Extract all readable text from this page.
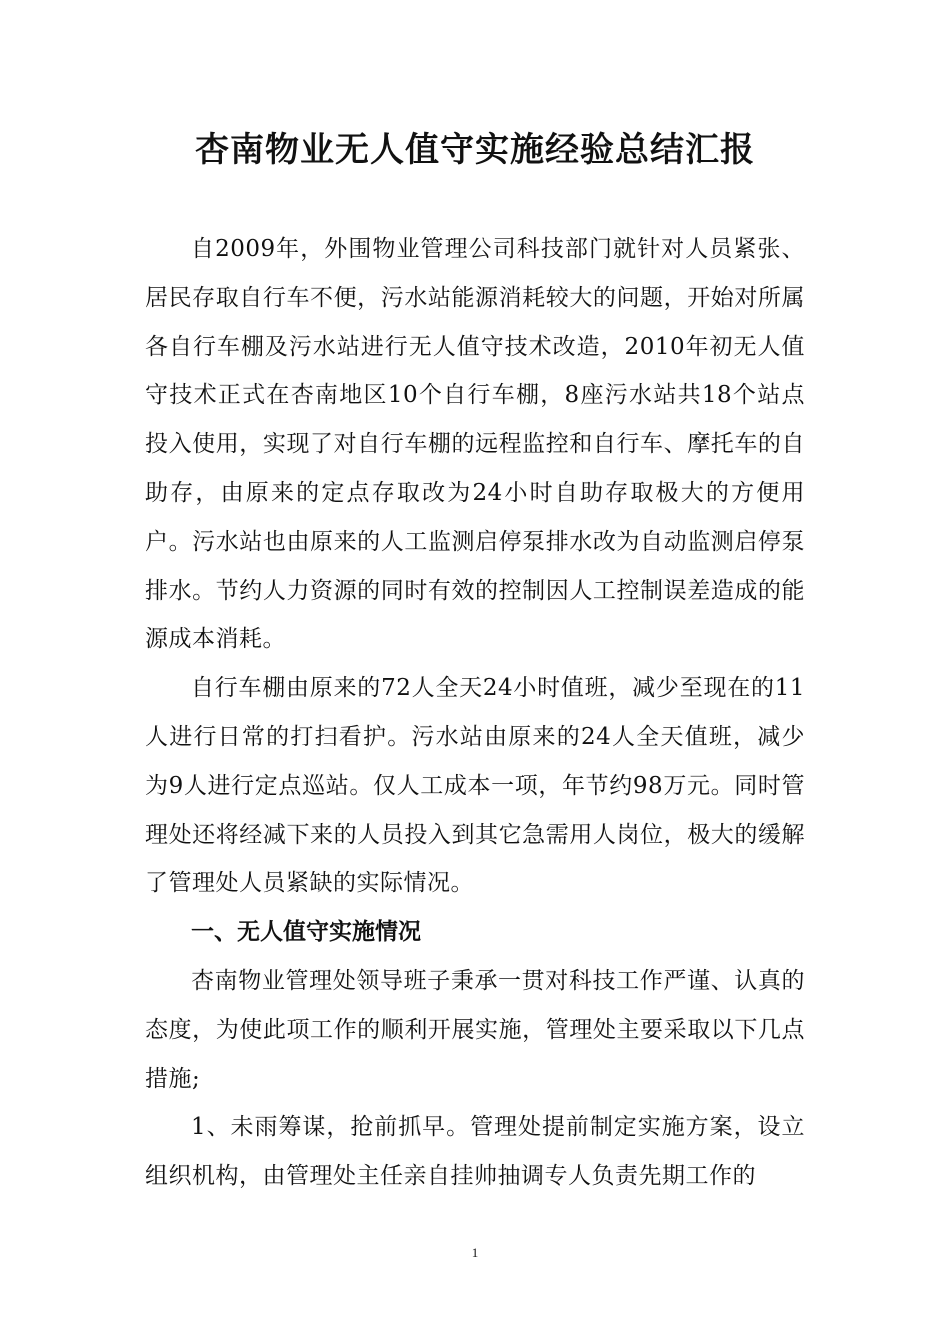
杏南物业无人值守实施经验总结汇报

自2009年，外围物业管理公司科技部门就针对人员紧张、居民存取自行车不便，污水站能源消耗较大的问题，开始对所属各自行车棚及污水站进行无人值守技术改造，2010年初无人值守技术正式在杏南地区10个自行车棚，8座污水站共18个站点投入使用，实现了对自行车棚的远程监控和自行车、摩托车的自助存，由原来的定点存取改为24小时自助存取极大的方便用户。污水站也由原来的人工监测启停泵排水改为自动监测启停泵排水。节约人力资源的同时有效的控制因人工控制误差造成的能源成本消耗。

自行车棚由原来的72人全天24小时值班，减少至现在的11人进行日常的打扫看护。污水站由原来的24人全天值班，减少为9人进行定点巡站。仅人工成本一项，年节约98万元。同时管理处还将经减下来的人员投入到其它急需用人岗位，极大的缓解了管理处人员紧缺的实际情况。

一、无人值守实施情况

杏南物业管理处领导班子秉承一贯对科技工作严谨、认真的态度，为使此项工作的顺利开展实施，管理处主要采取以下几点措施;

1、未雨筹谋，抢前抓早。管理处提前制定实施方案，设立组织机构，由管理处主任亲自挂帅抽调专人负责先期工作的

1
